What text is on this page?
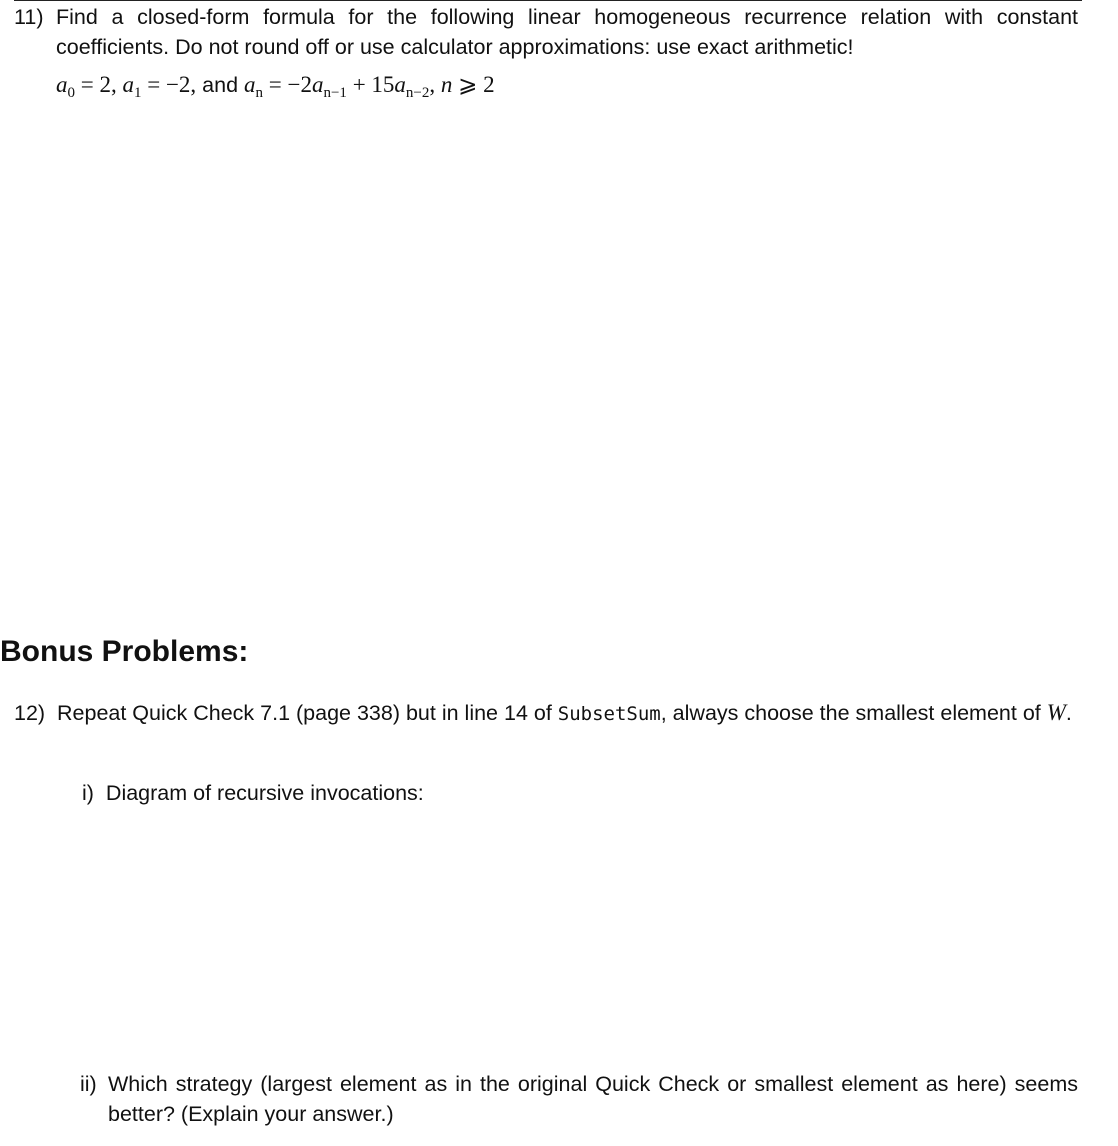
11) Find a closed-form formula for the following linear homogeneous recurrence relation with constant coefficients. Do not round off or use calculator approximations: use exact arithmetic!
$a_0 = 2$, $a_1 = -2$, and $a_n = -2a_{n-1} + 15a_{n-2}$, n ⩾ 2
Bonus Problems:
12) Repeat Quick Check 7.1 (page 338) but in line 14 of SubsetSum, always choose the smallest element of W.
i) Diagram of recursive invocations:
ii) Which strategy (largest element as in the original Quick Check or smallest element as here) seems better? (Explain your answer.)
